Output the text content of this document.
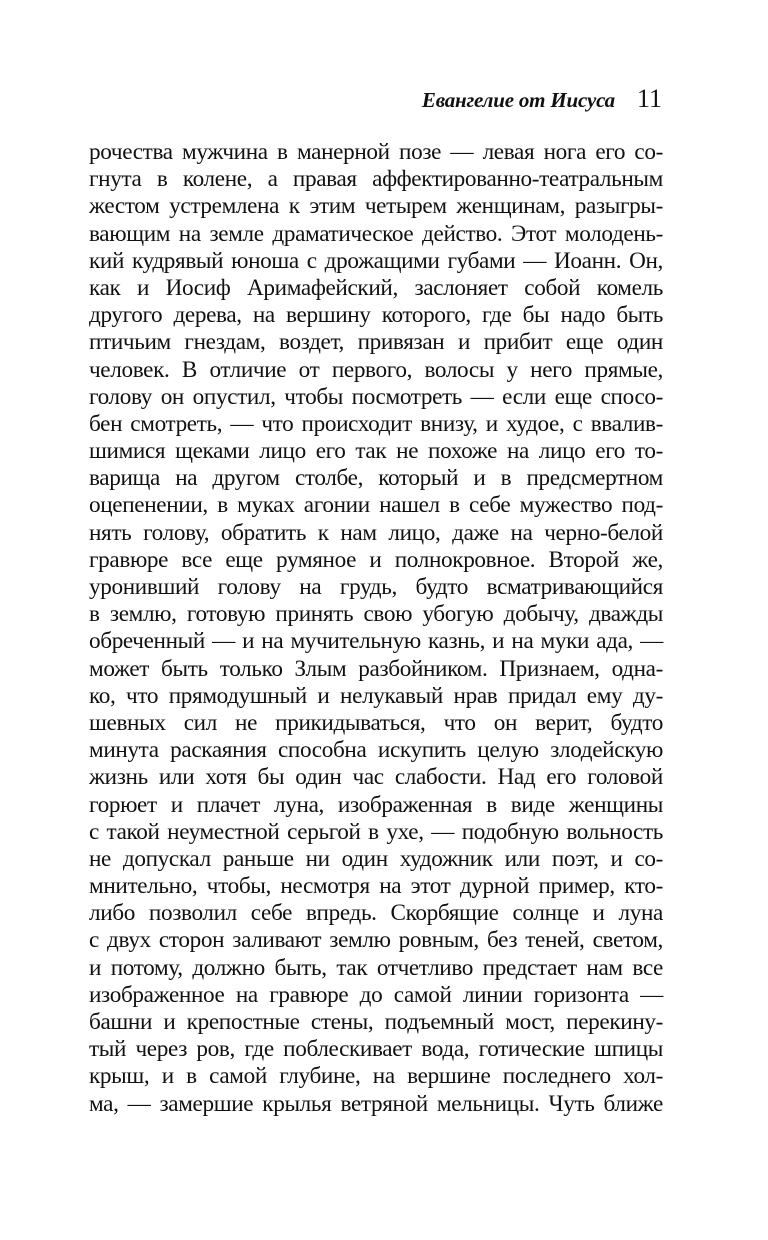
Евангелие от Иисуса 11
рочества мужчина в манерной позе — левая нога его со-
гнута в колене, а правая аффектированно-театральным
жестом устремлена к этим четырем женщинам, разыгры-
вающим на земле драматическое действо. Этот молодень-
кий кудрявый юноша с дрожащими губами — Иоанн. Он,
как и Иосиф Аримафейский, заслоняет собой комель
другого дерева, на вершину которого, где бы надо быть
птичьим гнездам, воздет, привязан и прибит еще один
человек. В отличие от первого, волосы у него прямые,
голову он опустил, чтобы посмотреть — если еще спосо-
бен смотреть, — что происходит внизу, и худое, с ввалив-
шимися щеками лицо его так не похоже на лицо его то-
варища на другом столбе, который и в предсмертном
оцепенении, в муках агонии нашел в себе мужество под-
нять голову, обратить к нам лицо, даже на черно-белой
гравюре все еще румяное и полнокровное. Второй же,
уронивший голову на грудь, будто всматривающийся
в землю, готовую принять свою убогую добычу, дважды
обреченный — и на мучительную казнь, и на муки ада, —
может быть только Злым разбойником. Признаем, одна-
ко, что прямодушный и нелукавый нрав придал ему ду-
шевных сил не прикидываться, что он верит, будто
минута раскаяния способна искупить целую злодейскую
жизнь или хотя бы один час слабости. Над его головой
горюет и плачет луна, изображенная в виде женщины
с такой неуместной серьгой в ухе, — подобную вольность
не допускал раньше ни один художник или поэт, и со-
мнительно, чтобы, несмотря на этот дурной пример, кто-
либо позволил себе впредь. Скорбящие солнце и луна
с двух сторон заливают землю ровным, без теней, светом,
и потому, должно быть, так отчетливо предстает нам все
изображенное на гравюре до самой линии горизонта —
башни и крепостные стены, подъемный мост, перекину-
тый через ров, где поблескивает вода, готические шпицы
крыш, и в самой глубине, на вершине последнего хол-
ма, — замершие крылья ветряной мельницы. Чуть ближе
